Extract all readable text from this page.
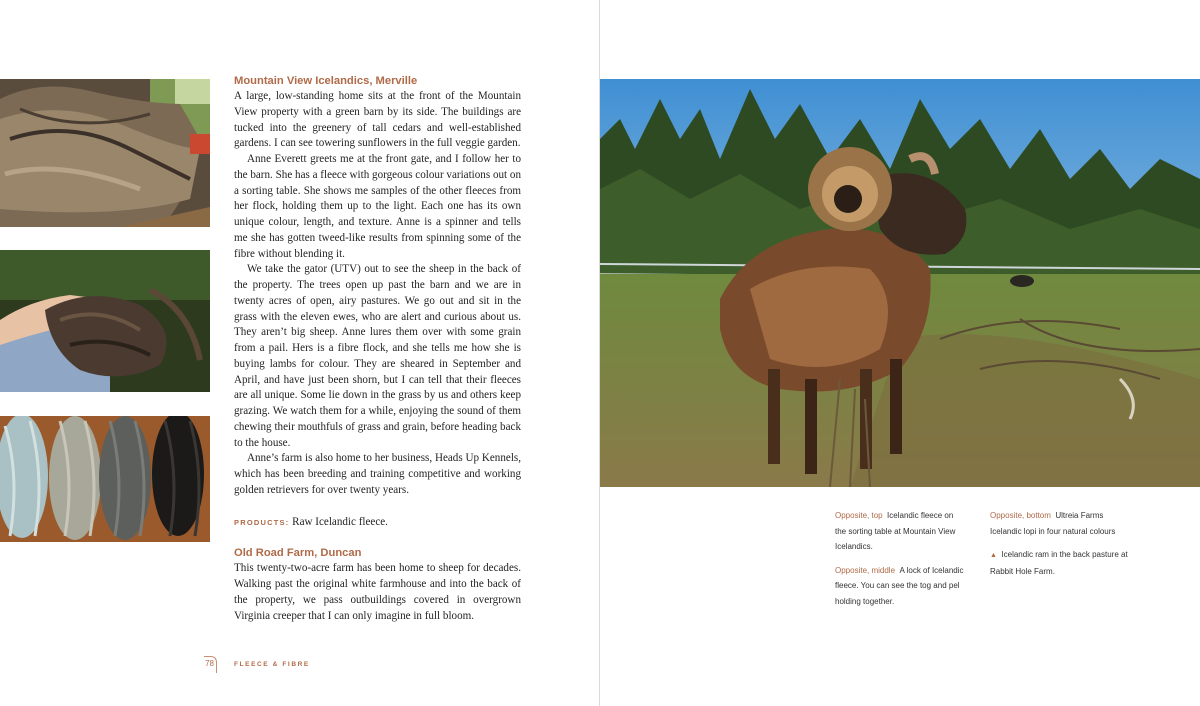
Mountain View Icelandics, Merville

A large, low-standing home sits at the front of the Mountain View property with a green barn by its side. The buildings are tucked into the greenery of tall cedars and well-established gardens. I can see towering sunflowers in the full veggie garden.

Anne Everett greets me at the front gate, and I follow her to the barn. She has a fleece with gorgeous colour variations out on a sorting table. She shows me samples of the other fleeces from her flock, holding them up to the light. Each one has its own unique colour, length, and texture. Anne is a spinner and tells me she has gotten tweed-like results from spinning some of the fibre without blending it.

We take the gator (UTV) out to see the sheep in the back of the property. The trees open up past the barn and we are in twenty acres of open, airy pastures. We go out and sit in the grass with the eleven ewes, who are alert and curious about us. They aren’t big sheep. Anne lures them over with some grain from a pail. Hers is a fibre flock, and she tells me how she is buying lambs for colour. They are sheared in September and April, and have just been shorn, but I can tell that their fleeces are all unique. Some lie down in the grass by us and others keep grazing. We watch them for a while, enjoying the sound of them chewing their mouthfuls of grass and grain, before heading back to the house.

Anne’s farm is also home to her business, Heads Up Kennels, which has been breeding and training competitive and working golden retrievers for over twenty years.

PRODUCTS: Raw Icelandic fleece.

Old Road Farm, Duncan

This twenty-two-acre farm has been home to sheep for decades. Walking past the original white farmhouse and into the back of the property, we pass outbuildings covered in overgrown Virginia creeper that I can only imagine in full bloom.

78	FLEECE & FIBRE

Opposite, top Icelandic fleece on the sorting table at Mountain View Icelandics.

Opposite, middle A lock of Icelandic fleece. You can see the tog and pel holding together.

Opposite, bottom Ultreia Farms Icelandic lopi in four natural colours

▲ Icelandic ram in the back pasture at Rabbit Hole Farm.
